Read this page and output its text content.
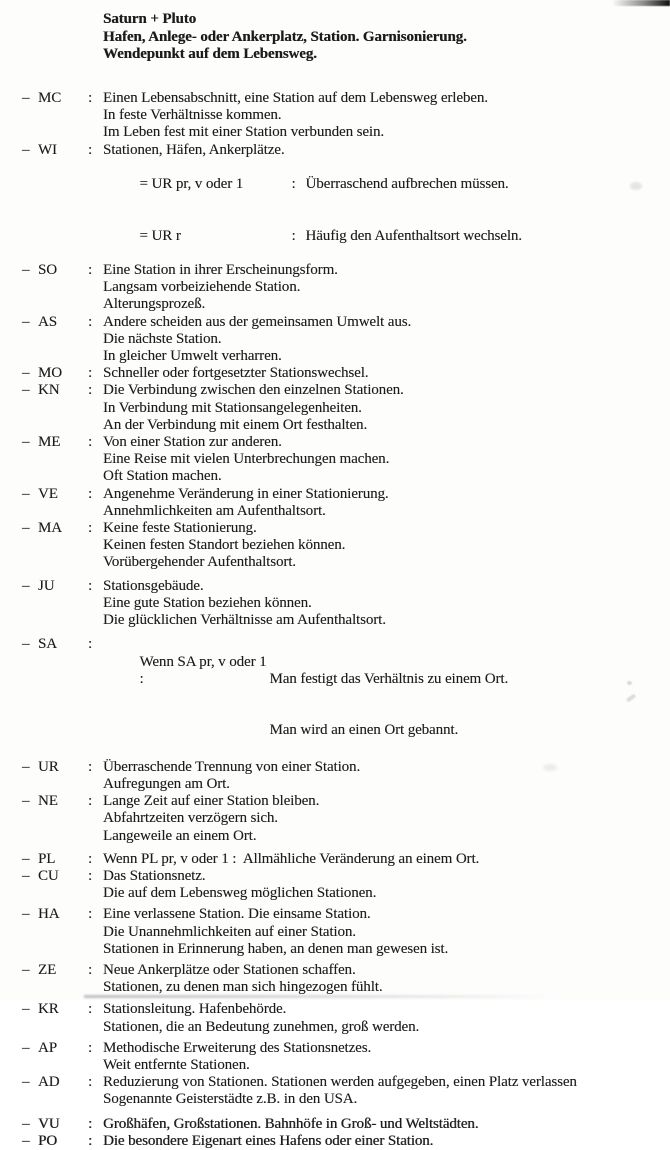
Saturn + Pluto
Hafen, Anlege- oder Ankerplatz, Station. Garnisonierung.
Wendepunkt auf dem Lebensweg.
– MC	: Einen Lebensabschnitt, eine Station auf dem Lebensweg erleben.
In feste Verhältnisse kommen.
Im Leben fest mit einer Station verbunden sein.
– WI	: Stationen, Häfen, Ankerplätze.

= UR pr, v oder 1	: Überraschend aufbrechen müssen.

= UR r	: Häufig den Aufenthaltsort wechseln.

– SO	: Eine Station in ihrer Erscheinungsform.
Langsam vorbeiziehende Station.
Alterungsprozeß.
– AS	: Andere scheiden aus der gemeinsamen Umwelt aus.
Die nächste Station.
In gleicher Umwelt verharren.
– MO	: Schneller oder fortgesetzter Stationswechsel.
– KN	: Die Verbindung zwischen den einzelnen Stationen.
In Verbindung mit Stationsangelegenheiten.
An der Verbindung mit einem Ort festhalten.
– ME	: Von einer Station zur anderen.
Eine Reise mit vielen Unterbrechungen machen.
Oft Station machen.
– VE	: Angenehme Veränderung in einer Stationierung.
Annehmlichkeiten am Aufenthaltsort.
– MA	: Keine feste Stationierung.
Keinen festen Standort beziehen können.
Vorübergehender Aufenthaltsort.
– JU	: Stationsgebäude.
Eine gute Station beziehen können.
Die glücklichen Verhältnisse am Aufenthaltsort.
– SA	:

Wenn SA pr, v oder 1 :	Man festigt das Verhältnis zu einem Ort.

Man wird an einen Ort gebannt.

– UR	: Überraschende Trennung von einer Station.
Aufregungen am Ort.
– NE	: Lange Zeit auf einer Station bleiben.
Abfahrtzeiten verzögern sich.
Langeweile an einem Ort.
– PL	: Wenn PL pr, v oder 1 :  Allmähliche Veränderung an einem Ort.
– CU	: Das Stationsnetz.
Die auf dem Lebensweg möglichen Stationen.
– HA	: Eine verlassene Station. Die einsame Station.
Die Unannehmlichkeiten auf einer Station.
Stationen in Erinnerung haben, an denen man gewesen ist.
– ZE	: Neue Ankerplätze oder Stationen schaffen.
Stationen, zu denen man sich hingezogen fühlt.
– KR	: Stationsleitung. Hafenbehörde.
Stationen, die an Bedeutung zunehmen, groß werden.
– AP	: Methodische Erweiterung des Stationsnetzes.
Weit entfernte Stationen.
– AD	: Reduzierung von Stationen. Stationen werden aufgegeben, einen Platz verlassen
Sogenannte Geisterstädte z.B. in den USA.
– VU	: Großhäfen, Großstationen. Bahnhöfe in Groß- und Weltstädten.
– PO	: Die besondere Eigenart eines Hafens oder einer Station.
